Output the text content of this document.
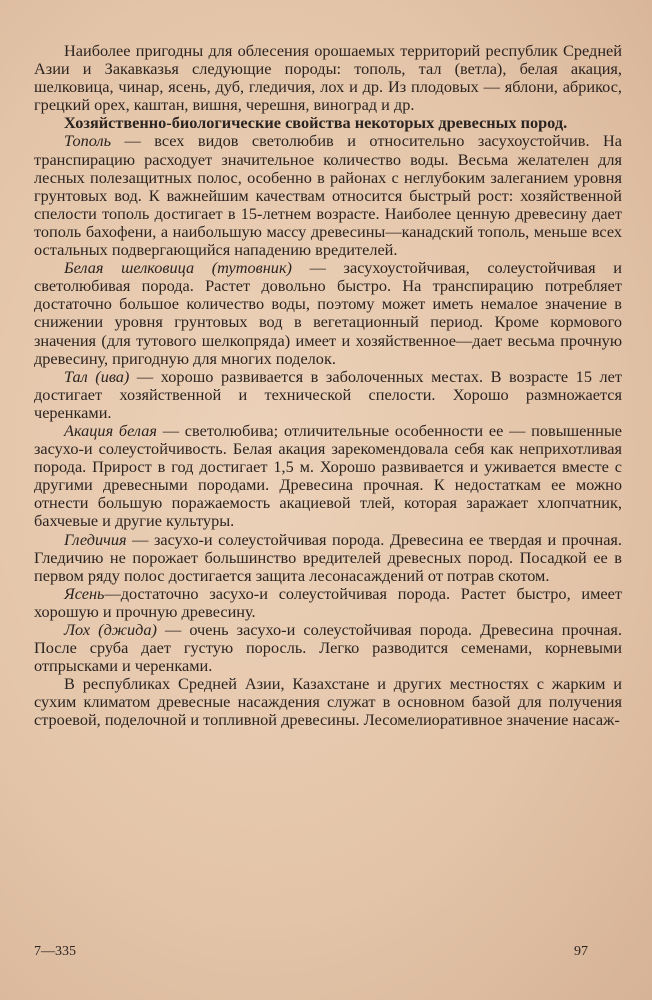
Наиболее пригодны для облесения орошаемых территорий республик Средней Азии и Закавказья следующие породы: тополь, тал (ветла), белая акация, шелковица, чинар, ясень, дуб, гледичия, лох и др. Из плодовых — яблони, абрикос, грецкий орех, каштан, вишня, черешня, виноград и др.

Хозяйственно-биологические свойства некоторых древесных пород.

Тополь — всех видов светолюбив и относительно засухоустойчив. На транспирацию расходует значительное количество воды. Весьма желателен для лесных полезащитных полос, особенно в районах с неглубоким залеганием уровня грунтовых вод. К важнейшим качествам относится быстрый рост: хозяйственной спелости тополь достигает в 15-летнем возрасте. Наиболее ценную древесину дает тополь бахофени, а наибольшую массу древесины—канадский тополь, меньше всех остальных подвергающийся нападению вредителей.

Белая шелковица (тутовник) — засухоустойчивая, солеустойчивая и светолюбивая порода. Растет довольно быстро. На транспирацию потребляет достаточно большое количество воды, поэтому может иметь немалое значение в снижении уровня грунтовых вод в вегетационный период. Кроме кормового значения (для тутового шелкопряда) имеет и хозяйственное—дает весьма прочную древесину, пригодную для многих поделок.

Тал (ива) — хорошо развивается в заболоченных местах. В возрасте 15 лет достигает хозяйственной и технической спелости. Хорошо размножается черенками.

Акация белая — светолюбива; отличительные особенности ее — повышенные засухо-и солеустойчивость. Белая акация зарекомендовала себя как неприхотливая порода. Прирост в год достигает 1,5 м. Хорошо развивается и уживается вместе с другими древесными породами. Древесина прочная. К недостаткам ее можно отнести большую поражаемость акациевой тлей, которая заражает хлопчатник, бахчевые и другие культуры.

Гледичия — засухо-и солеустойчивая порода. Древесина ее твердая и прочная. Гледичию не порожает большинство вредителей древесных пород. Посадкой ее в первом ряду полос достигается защита лесонасаждений от потрав скотом.

Ясень—достаточно засухо-и солеустойчивая порода. Растет быстро, имеет хорошую и прочную древесину.

Лох (джида) — очень засухо-и солеустойчивая порода. Древесина прочная. После сруба дает густую поросль. Легко разводится семенами, корневыми отпрысками и черенками.

В республиках Средней Азии, Казахстане и других местностях с жарким и сухим климатом древесные насаждения служат в основном базой для получения строевой, поделочной и топливной древесины. Лесомелиоративное значение насаж-

7—335	97
